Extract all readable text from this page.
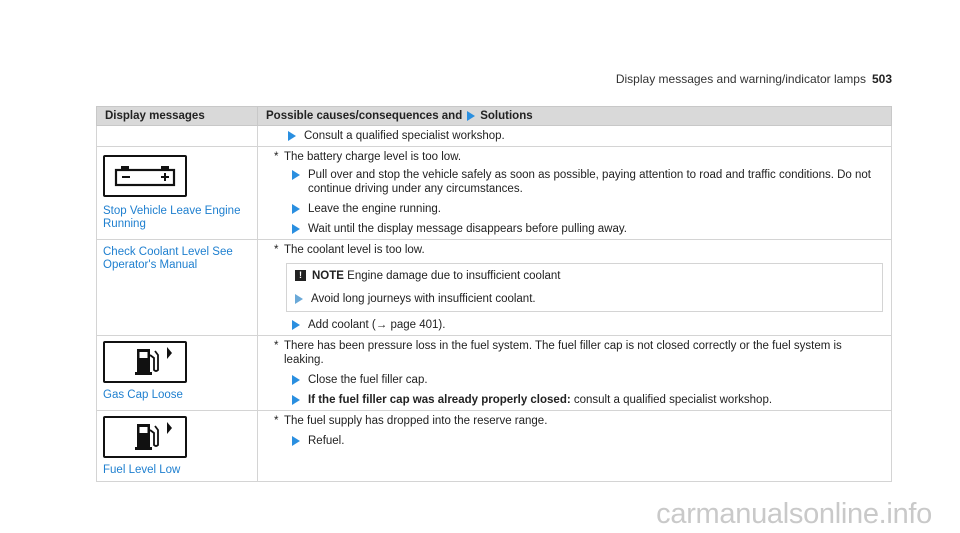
Display messages and warning/indicator lamps 503
Display messages	Possible causes/consequences and Solutions

	Consult a qualified specialist workshop.

Stop Vehicle Leave Engine Running	* The battery charge level is too low.
Pull over and stop the vehicle safely as soon as possible, paying attention to road and traffic conditions. Do not continue driving under any circumstances.
Leave the engine running.
Wait until the display message disappears before pulling away.

Check Coolant Level See Operator's Manual	* The coolant level is too low.
! NOTE Engine damage due to insufficient coolant
Avoid long journeys with insufficient coolant.
Add coolant (→ page 401).

Gas Cap Loose	* There has been pressure loss in the fuel system. The fuel filler cap is not closed correctly or the fuel system is leaking.
Close the fuel filler cap.
If the fuel filler cap was already properly closed: consult a qualified specialist workshop.

Fuel Level Low	* The fuel supply has dropped into the reserve range.
Refuel.
carmanualsonline.info
